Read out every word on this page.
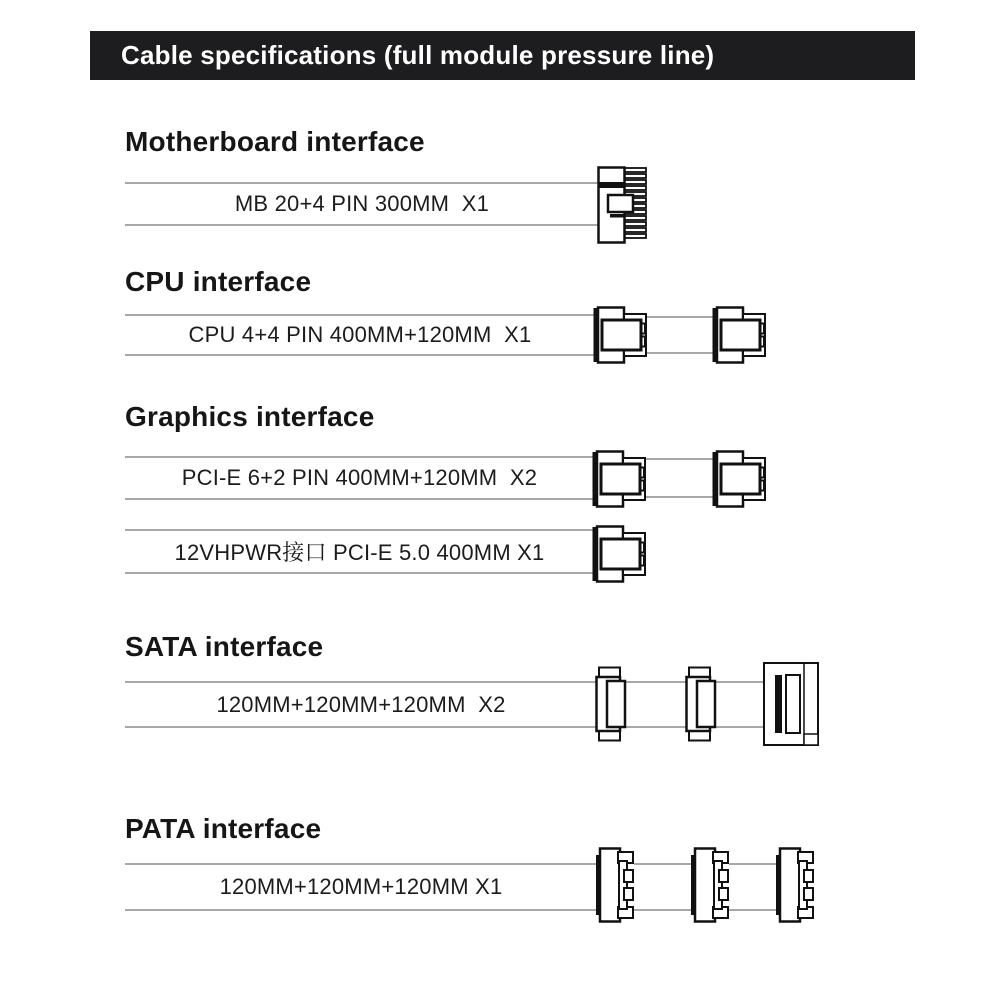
Cable specifications (full module pressure line)
Motherboard interface
MB 20+4 PIN 300MM  X1
CPU interface
CPU 4+4 PIN 400MM+120MM  X1
Graphics interface
PCI-E 6+2 PIN 400MM+120MM  X2
12VHPWR接口 PCI-E 5.0 400MM X1
SATA interface
120MM+120MM+120MM  X2
PATA interface
120MM+120MM+120MM X1
